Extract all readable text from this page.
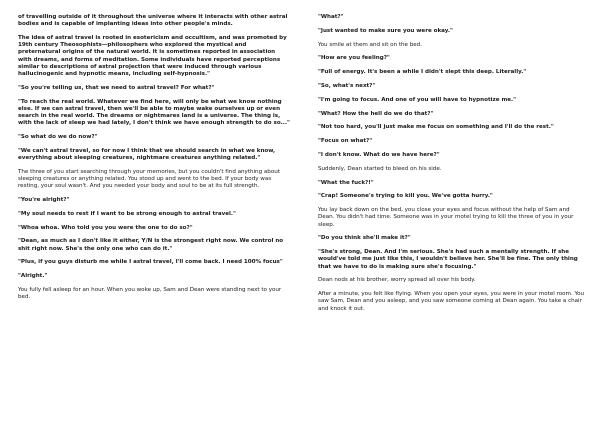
of travelling outside of it throughout the universe where it interacts with other astral bodies and is capable of implanting ideas into other people's minds.

The idea of astral travel is rooted in esotericism and occultism, and was promoted by 19th century Theosophists—philosophers who explored the mystical and preternatural origins of the natural world. It is sometimes reported in association with dreams, and forms of meditation. Some individuals have reported perceptions similar to descriptions of astral projection that were induced through various hallucinogenic and hypnotic means, including self-hypnosis."

"So you're telling us, that we need to astral travel? For what?"

"To reach the real world. Whatever we find here, will only be what we know nothing else. If we can astral travel, then we'll be able to maybe wake ourselves up or even search in the real world. The dreams or nightmares land is a universe. The thing is, with the lack of sleep we had lately, I don't think we have enough strength to do so..."

"So what do we do now?"

"We can't astral travel, so for now I think that we should search in what we know, everything about sleeping creatures, nightmare creatures anything related."

The three of you start searching through your memories, but you couldn't find anything about sleeping creatures or anything related. You stood up and went to the bed. If your body was resting, your soul wasn't. And you needed your body and soul to be at its full strength.

"You're alright?"

"My soul needs to rest if I want to be strong enough to astral travel."

"Whoa whoa. Who told you you were the one to do so?"

"Dean, as much as I don't like it either, Y/N is the strongest right now. We control no shit right now. She's the only one who can do it."

"Plus, if you guys disturb me while I astral travel, I'll come back. I need 100% focus"

"Alright."

You fully fell asleep for an hour. When you woke up, Sam and Dean were standing next to your bed.

"What?"

"Just wanted to make sure you were okay."

You smile at them and sit on the bed.

"How are you feeling?"

"Full of energy. It's been a while I didn't slept this deep. Literally."

"So, what's next?"

"I'm going to focus. And one of you will have to hypnotize me."

"What? How the hell do we do that?"

"Not too hard, you'll just make me focus on something and I'll do the rest."

"Focus on what?"

"I don't know. What do we have here?"

Suddenly, Dean started to bleed on his side.

"What the fuck?!"

"Crap! Someone's trying to kill you. We've gotta hurry."

You lay back down on the bed, you close your eyes and focus without the help of Sam and Dean. You didn't had time. Someone was in your motel trying to kill the three of you in your sleep.

"Do you think she'll make it?"

"She's strong, Dean. And I'm serious. She's had such a mentally strength. If she would've told me just like this, I wouldn't believe her. She'll be fine. The only thing that we have to do is making sure she's focusing."

Dean nods at his brother, worry spread all over his body.

After a minute, you felt like flying. When you open your eyes, you were in your motel room. You saw Sam, Dean and you asleep, and you saw someone coming at Dean again. You take a chair and knock it out.
